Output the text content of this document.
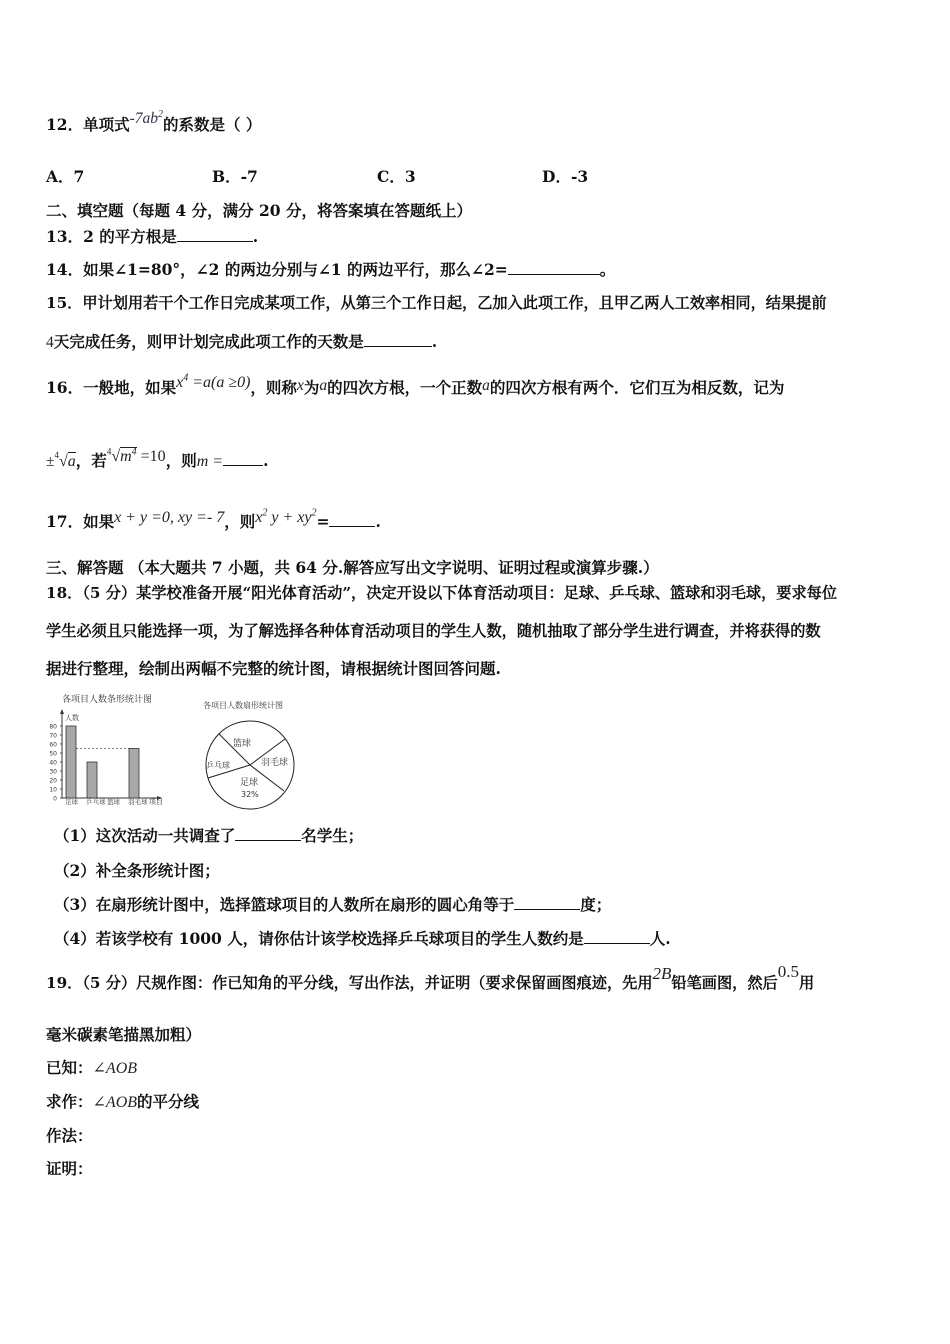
12．单项式$-7ab^2$的系数是（ ）
A．7	B．-7	C．3	D．-3
二、填空题（每题 4 分，满分 20 分，将答案填在答题纸上）
13．2 的平方根是	.
14．如果∠1=80°，∠2 的两边分别与∠1 的两边平行，那么∠2=	。
15．甲计划用若干个工作日完成某项工作，从第三个工作日起，乙加入此项工作，且甲乙两人工效率相同，结果提前
4天完成任务，则甲计划完成此项工作的天数是	.
16．一般地，如果$x^4 =a(a \ge 0)$，则称x为a的四次方根，一个正数a的四次方根有两个．它们互为相反数，记为
±$^4$√a，若$^4√m^4 =10$，则m =	.
17．如果x + y =0, xy =- 7，则$x^2$ $y + xy^2=$	.
三、解答题 （本大题共 7 小题，共 64 分.解答应写出文字说明、证明过程或演算步骤.）
18．（5 分）某学校准备开展“阳光体育活动”，决定开设以下体育活动项目：足球、乒乓球、篮球和羽毛球，要求每位
学生必须且只能选择一项，为了解选择各种体育活动项目的学生人数，随机抽取了部分学生进行调查，并将获得的数
据进行整理，绘制出两幅不完整的统计图，请根据统计图回答问题.
各项目人数条形统计图
人数
项目
0
10
20
30
40
50
60
70
80
足球 乒乓球 篮球 羽毛球
各项目人数扇形统计图
篮球
羽毛球
足球
32%
乒乓球
（1）这次活动一共调查了	名学生；
（2）补全条形统计图；
（3）在扇形统计图中，选择篮球项目的人数所在扇形的圆心角等于	度；
（4）若该学校有 1000 人，请你估计该学校选择乒乓球项目的学生人数约是	人.
19．（5 分）尺规作图：作已知角的平分线，写出作法，并证明（要求保留画图痕迹，先用2B铅笔画图，然后0.5用
毫米碳素笔描黑加粗）
已知：∠AOB
求作：∠AOB的平分线
作法：
证明：
